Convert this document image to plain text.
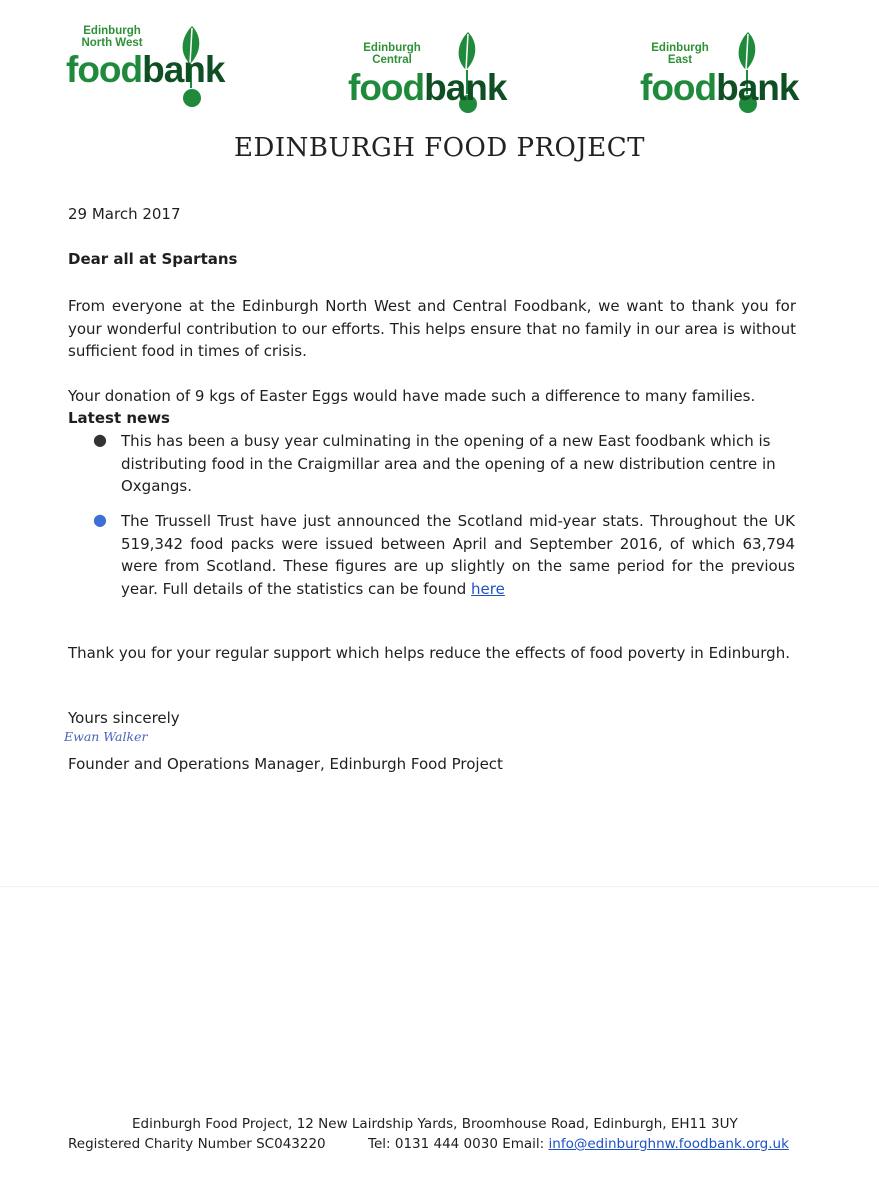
Edinburgh
North West
foodbank
Edinburgh
Central
foodbank
Edinburgh
East
foodbank
EDINBURGH FOOD PROJECT
29 March 2017
Dear all at Spartans
From everyone at the Edinburgh North West and Central Foodbank, we want to thank you for your wonderful contribution to our efforts. This helps ensure that no family in our area is without sufficient food in times of crisis.
Your donation of 9 kgs of Easter Eggs would have made such a difference to many families.
Latest news
● This has been a busy year culminating in the opening of a new East foodbank which is distributing food in the Craigmillar area and the opening of a new distribution centre in Oxgangs.
● The Trussell Trust have just announced the Scotland mid-year stats. Throughout the UK 519,342 food packs were issued between April and September 2016, of which 63,794 were from Scotland. These figures are up slightly on the same period for the previous year. Full details of the statistics can be found here
Thank you for your regular support which helps reduce the effects of food poverty in Edinburgh.
Yours sincerely
Ewan Walker
Founder and Operations Manager, Edinburgh Food Project
Edinburgh Food Project, 12 New Lairdship Yards, Broomhouse Road, Edinburgh, EH11 3UY
Registered Charity Number SC043220	Tel: 0131 444 0030 Email: info@edinburghnw.foodbank.org.uk
